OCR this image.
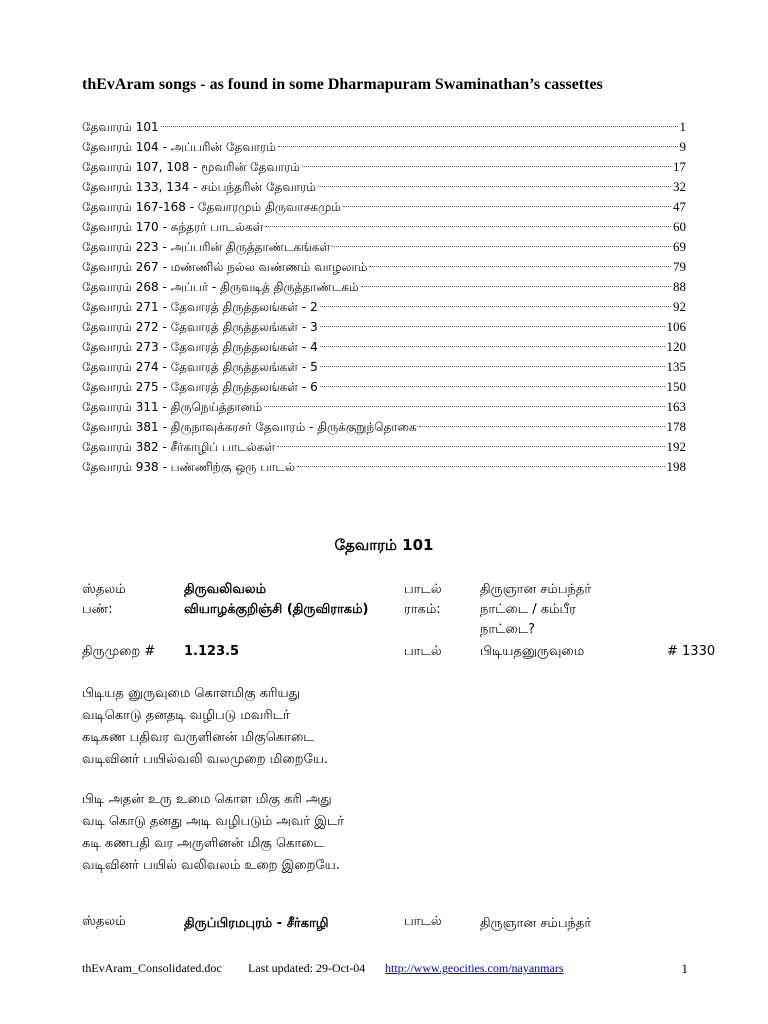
thEvAram songs - as found in some Dharmapuram Swaminathan’s cassettes
தேவாரம் 101	1
தேவாரம் 104 - அப்பரின் தேவாரம்	9
தேவாரம் 107, 108 - மூவரின் தேவாரம்	17
தேவாரம் 133, 134 - சம்பந்தரின் தேவாரம்	32
தேவாரம் 167-168 - தேவாரமும் திருவாசகமும்	47
தேவாரம் 170 - சுந்தரர் பாடல்கள்	60
தேவாரம் 223 - அப்பரின் திருத்தாண்டகங்கள்	69
தேவாரம் 267 - மண்ணில் நல்ல வண்ணம் வாழலாம்	79
தேவாரம் 268 - அப்பர் - திருவடித் திருத்தாண்டகம்	88
தேவாரம் 271 - தேவாரத் திருத்தலங்கள் - 2	92
தேவாரம் 272 - தேவாரத் திருத்தலங்கள் - 3	106
தேவாரம் 273 - தேவாரத் திருத்தலங்கள் - 4	120
தேவாரம் 274 - தேவாரத் திருத்தலங்கள் - 5	135
தேவாரம் 275 - தேவாரத் திருத்தலங்கள் - 6	150
தேவாரம் 311 - திருநெய்த்தானம்	163
தேவாரம் 381 - திருநாவுக்கரசர் தேவாரம் - திருக்குறுந்தொகை	178
தேவாரம் 382 - சீர்காழிப் பாடல்கள்	192
தேவாரம் 938 - பண்ணிற்கு ஒரு பாடல்	198
தேவாரம் 101
ஸ்தலம்	திருவலிவலம்	பாடல்	திருஞான சம்பந்தர்
பண்:	வியாழக்குறிஞ்சி (திருவிராகம்)	ராகம்:	நாட்டை / கம்பீர நாட்டை?
திருமுறை # 1.123.5	பாடல்	பிடியதனுருவுமை	# 1330
பிடியத னுருவுமை கொளமிகு கரியது
வடிகொடு தனதடி வழிபடு மவரிடர்
கடிகண பதிவர வருளினன் மிகுகொடை
வடிவினர் பயில்வலி வலமுறை மிறையே.
பிடி அதன் உரு உமை கொள மிகு கரி அது
வடி கொடு தனது அடி வழிபடும் அவர் இடர்
கடி கணபதி வர அருளினன் மிகு கொடை
வடிவினர் பயில் வலிவலம் உறை இறையே.
ஸ்தலம்	திருப்பிரமபுரம் - சீர்காழி	பாடல்	திருஞான சம்பந்தர்
thEvAram_Consolidated.doc Last updated: 29-Oct-04 http://www.geocities.com/nayanmars	1
